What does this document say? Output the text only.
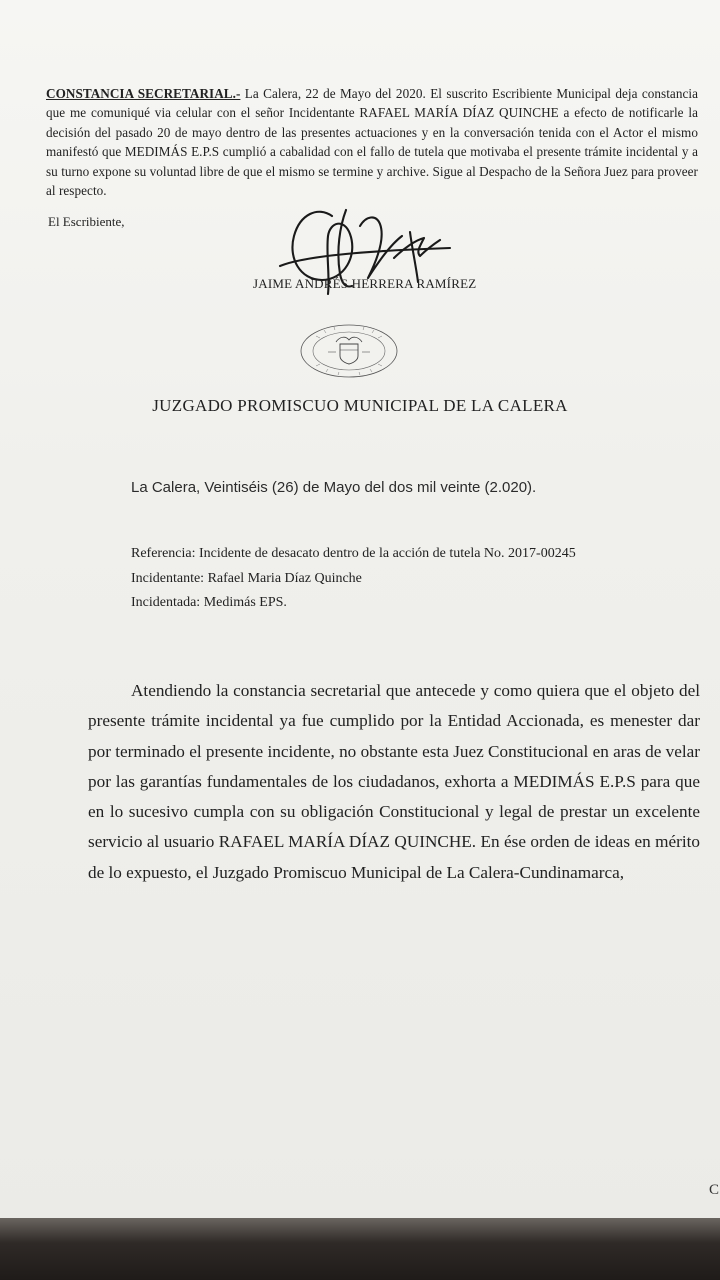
CONSTANCIA SECRETARIAL.- La Calera, 22 de Mayo del 2020. El suscrito Escribiente Municipal deja constancia que me comuniqué via celular con el señor Incidentante RAFAEL MARÍA DÍAZ QUINCHE a efecto de notificarle la decisión del pasado 20 de mayo dentro de las presentes actuaciones y en la conversación tenida con el Actor el mismo manifestó que MEDIMÁS E.P.S cumplió a cabalidad con el fallo de tutela que motivaba el presente trámite incidental y a su turno expone su voluntad libre de que el mismo se termine y archive. Sigue al Despacho de la Señora Juez para proveer al respecto.
El Escribiente,
JAIME ANDRÉS HERRERA RAMÍREZ
JUZGADO PROMISCUO MUNICIPAL DE LA CALERA
La Calera, Veintiséis (26) de Mayo del dos mil veinte (2.020).
Referencia: Incidente de desacato dentro de la acción de tutela No. 2017-00245
Incidentante: Rafael Maria Díaz Quinche
Incidentada: Medimás EPS.
Atendiendo la constancia secretarial que antecede y como quiera que el objeto del presente trámite incidental ya fue cumplido por la Entidad Accionada, es menester dar por terminado el presente incidente, no obstante esta Juez Constitucional en aras de velar por las garantías fundamentales de los ciudadanos, exhorta a MEDIMÁS E.P.S para que en lo sucesivo cumpla con su obligación Constitucional y legal de prestar un excelente servicio al usuario RAFAEL MARÍA DÍAZ QUINCHE. En ése orden de ideas en mérito de lo expuesto, el Juzgado Promiscuo Municipal de La Calera-Cundinamarca,
C
